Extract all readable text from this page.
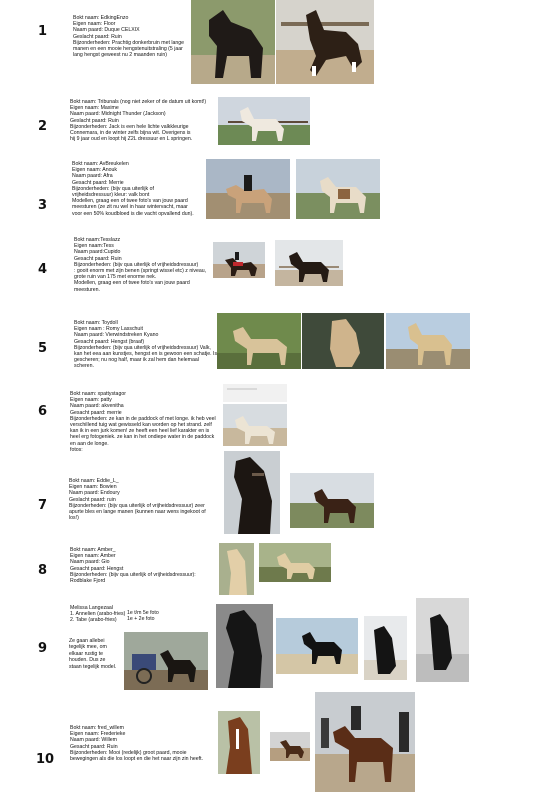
1
2
3
4
5
6
7
8
9
10
Bokt naam: EdkingEnzo
Eigen naam: Floor
Naam paard: Duque CELXIX
Geslacht paard: Ruin
Bijzonderheden: Prachtig donkerbruin met lange
manen en een mooie hengstenuitstraling (5 jaar
lang hengst geweest nu 2 maanden ruin)
Bokt naam: Tribunals (nog niet zeker of de datum uit komt!)
Eigen naam: Maxime
Naam paard: Midnight Thunder (Jackson)
Geslacht paard: Ruin
Bijzonderheden: Jack is een hele lichte valkkleurige
Connemara, in de winter zelfs bijna wit. Overigens is
hij 9 jaar oud en loopt hij Z2L dressuur en L springen.
Bokt naam: AvBreukelen
Eigen naam: Anouk
Naam paard: Afra
Gesacht paard: Merrie
Bijzonderheden: (bijv qua uiterlijk of
vrijheidsdressuur) kleur: valk bont
Modellen, graag een of twee foto's van jouw paard
meesturen (ze zit nu wel in haar wintervacht, maar
voor een 50% koudbloed is die vacht opvallend dun).
Bokt naam:Tesslazz
Eigen naam:Tess
Naam paard:Cupido
Gesacht paard: Ruin
Bijzonderheden: (bijv qua uiterlijk of vrijheidsdressuur)
: gooit enorm met zijn benen (springt wissel etc) z niveau,
grote ruin van 175 met enorme nek.
Modellen, graag een of twee foto's van jouw paard
meesturen.
Bokt naam: Toydoll
Eigen naam : Romy Lasschuit
Naam paard: Vierwindstreken Kyano
Gesacht paard: Hengst (braaf)
Bijzonderheden: (bijv qua uiterlijk of vrijheidsdressuur) Valk,
kan het eea aan kunstjes, hengst en is gewoon een schatje. Is
gescheren; nu nog half, maar ik zal hem dan helemaal
scheren.
Bokt naam: xpattystagor
Eigen naam: patty
Naam paard: akvenitha
Gesacht paard: merrie
Bijzonderheden: ze kan in de paddock of met longe. ik heb veel
verschillend tuig wat gewisseld kan worden op het strand. zelf
kan ik in een jurk komen! ze heeft een heel lief karakter en is
heel erg fotogeniek. ze kan in het ondiepe water in de paddock
en aan de longe.
fotos:
Bokt naam: Eddie_L_
Eigen naam: Bowien
Naam paard: Endoury
Geslacht paard: ruin
Bijzonderheden: (bijv qua uiterlijk of vrijheidsdressuur) zeer
apurte bles en lange manen (kunnen naar wens ingekoot of
los!)
Bokt naam: Amber_
Eigen naam: Amber
Naam paard: Gio
Gesacht paard: Hengst
Bijzonderheden: (bijv qua uiterlijk of vrijheidsdressuur):
Rodblake Fjord
Melissa Langezaal
1. Annelien (arabo-fries)
2. Tabe (arabo-fries)
1e t/m 5e foto
1e + 2e foto
Ze gaan allebei
tegelijk mee, om
elkaar rustig te
houden. Dus ze
staan tegelijk model.
Bokt naam: fred_willem
Eigen naam: Frederieke
Naam paard: Willem
Gesacht paard: Ruin
Bijzonderheden: Mooi (redelijk) groot paard, mooie
bewegingen als die los loopt en die het naar zijn zin heeft.
